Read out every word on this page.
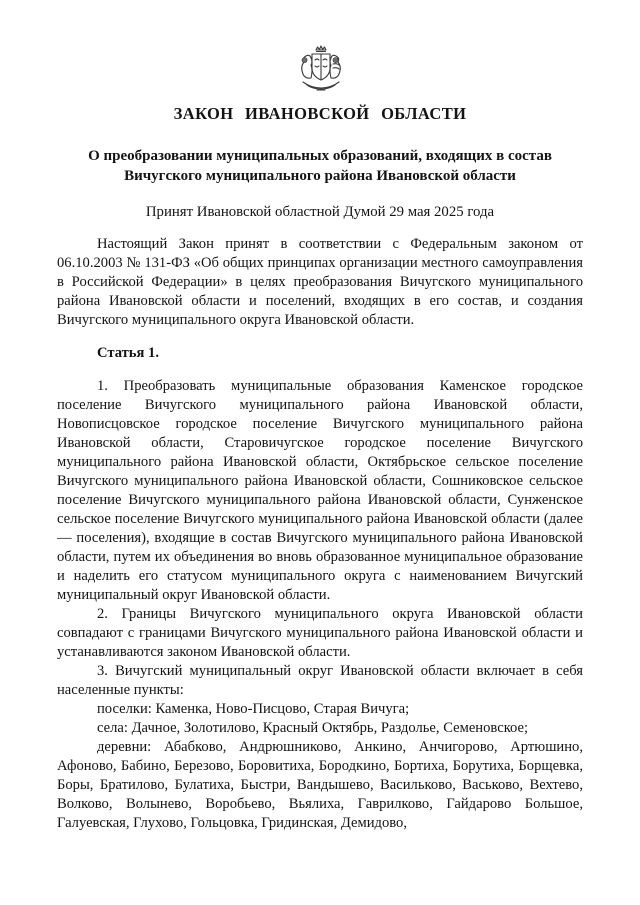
ЗАКОН ИВАНОВСКОЙ ОБЛАСТИ
О преобразовании муниципальных образований, входящих в состав Вичугского муниципального района Ивановской области

Принят Ивановской областной Думой 29 мая 2025 года

Настоящий Закон принят в соответствии с Федеральным законом от 06.10.2003 № 131-ФЗ «Об общих принципах организации местного самоуправления в Российской Федерации» в целях преобразования Вичугского муниципального района Ивановской области и поселений, входящих в его состав, и создания Вичугского муниципального округа Ивановской области.

Статья 1.

1. Преобразовать муниципальные образования Каменское городское поселение Вичугского муниципального района Ивановской области, Новописцовское городское поселение Вичугского муниципального района Ивановской области, Старовичугское городское поселение Вичугского муниципального района Ивановской области, Октябрьское сельское поселение Вичугского муниципального района Ивановской области, Сошниковское сельское поселение Вичугского муниципального района Ивановской области, Сунженское сельское поселение Вичугского муниципального района Ивановской области (далее — поселения), входящие в состав Вичугского муниципального района Ивановской области, путем их объединения во вновь образованное муниципальное образование и наделить его статусом муниципального округа с наименованием Вичугский муниципальный округ Ивановской области.

2. Границы Вичугского муниципального округа Ивановской области совпадают с границами Вичугского муниципального района Ивановской области и устанавливаются законом Ивановской области.

3. Вичугский муниципальный округ Ивановской области включает в себя населенные пункты:

поселки: Каменка, Ново-Писцово, Старая Вичуга;

села: Дачное, Золотилово, Красный Октябрь, Раздолье, Семеновское;

деревни: Абабково, Андрюшниково, Анкино, Анчигорово, Артюшино, Афоново, Бабино, Березово, Боровитиха, Бородкино, Бортиха, Борутиха, Борщевка, Боры, Братилово, Булатиха, Быстри, Вандышево, Васильково, Васьково, Вехтево, Волково, Волынево, Воробьево, Вьялиха, Гаврилково, Гайдарово Большое, Галуевская, Глухово, Гольцовка, Гридинская, Демидово,
